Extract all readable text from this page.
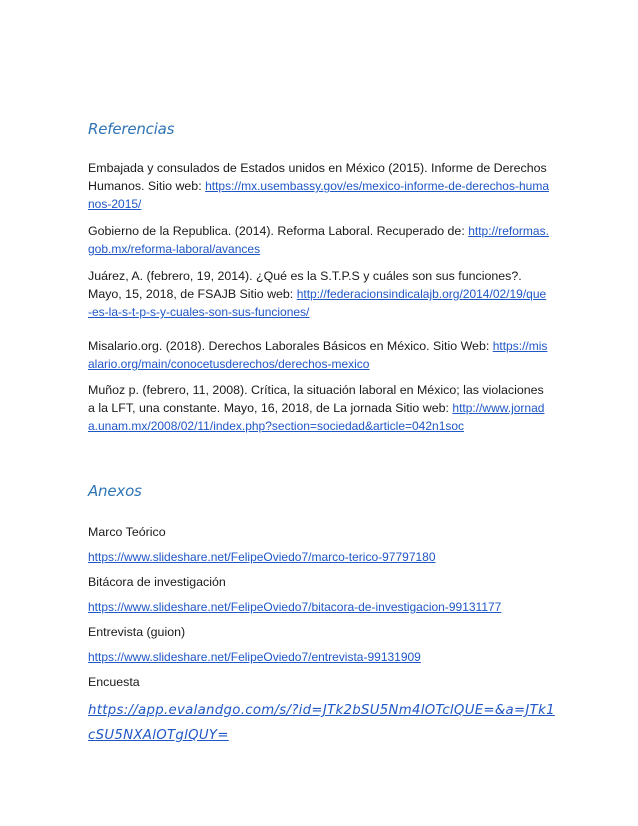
Referencias
Embajada y consulados de Estados unidos en México (2015). Informe de Derechos Humanos. Sitio web: https://mx.usembassy.gov/es/mexico-informe-de-derechos-humanos-2015/
Gobierno de la Republica. (2014). Reforma Laboral. Recuperado de: http://reformas.gob.mx/reforma-laboral/avances
Juárez, A. (febrero, 19, 2014). ¿Qué es la S.T.P.S y cuáles son sus funciones?. Mayo, 15, 2018, de FSAJB Sitio web: http://federacionsindicalajb.org/2014/02/19/que-es-la-s-t-p-s-y-cuales-son-sus-funciones/
Misalario.org. (2018). Derechos Laborales Básicos en México. Sitio Web: https://misalario.org/main/conocetusderechos/derechos-mexico
Muñoz p. (febrero, 11, 2008). Crítica, la situación laboral en México; las violaciones a la LFT, una constante. Mayo, 16, 2018, de La jornada Sitio web: http://www.jornada.unam.mx/2008/02/11/index.php?section=sociedad&article=042n1soc
Anexos
Marco Teórico
https://www.slideshare.net/FelipeOviedo7/marco-terico-97797180
Bitácora de investigación
https://www.slideshare.net/FelipeOviedo7/bitacora-de-investigacion-99131177
Entrevista (guion)
https://www.slideshare.net/FelipeOviedo7/entrevista-99131909
Encuesta
https://app.evalandgo.com/s/?id=JTk2bSU5Nm4lOTclQUE=&a=JTk1cSU5NXAlOTglQUY=
